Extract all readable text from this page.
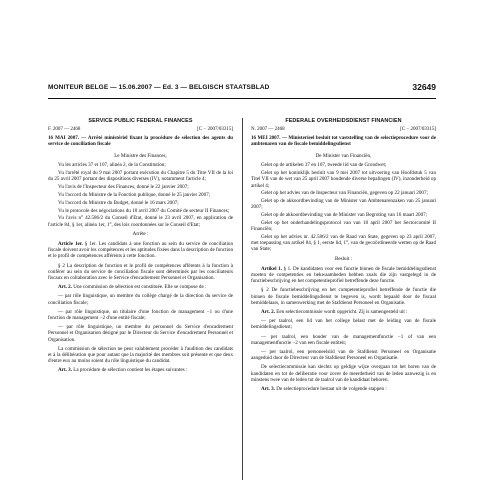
MONITEUR BELGE — 15.06.2007 — Ed. 3 — BELGISCH STAATSBLAD	32649
SERVICE PUBLIC FEDERAL FINANCES
F. 2007 — 2468	[C − 2007/03315]
16 MAI 2007. — Arrêté ministériel fixant la procédure de sélection des agents du service de conciliation fiscale
Le Ministre des Finances,

Vu les articles 37 et 107, alinéa 2, de la Constitution;

Vu l'arrêté royal du 9 mai 2007 portant exécution du Chapitre 5 du Titre VII de la loi du 25 avril 2007 portant des dispositions diverses (IV), notamment l'article 4;

Vu l'avis de l'Inspecteur des Finances, donné le 22 janvier 2007;

Vu l'accord du Ministre de la Fonction publique, donné le 25 janvier 2007;

Vu l'accord du Ministre du Budget, donné le 16 mars 2007;

Vu le protocole des négociations du 18 avril 2007 du Comité de secteur II Finances;

Vu l'avis n° 42.586/2 du Conseil d'Etat, donné le 23 avril 2007, en application de l'article 84, § 1er, alinéa 1er, 1°, des lois coordonnées sur le Conseil d'Etat;

Arrête :

Article 1er. § 1er. Les candidats à une fonction au sein du service de conciliation fiscale doivent avoir les compétences et les aptitudes fixées dans la description de fonction et le profil de compétences afférents à cette fonction.

§ 2 La description de fonction et le profil de compétences afférents à la fonction à conférer au sein du service de conciliation fiscale sont déterminés par les conciliateurs fiscaux en collaboration avec le Service d'encadrement Personnel et Organisation.

Art. 2. Une commission de sélection est constituée. Elle se compose de :

— par rôle linguistique, un membre du collège chargé de la direction du service de conciliation fiscale;

— par rôle linguistique, un titulaire d'une fonction de management −1 ou d'une fonction de management −2 d'une entité fiscale;

— par rôle linguistique, un membre du personnel du Service d'encadrement Personnel et Organisation désigné par le Directeur du Service d'encadrement Personnel et Organisation.

La commission de sélection ne peut valablement procéder à l'audition des candidats et à la délibération que pour autant que la majorité des membres soit présente et que deux d'entre eux au moins soient du rôle linguistique du candidat.

Art. 3. La procédure de sélection contient les étapes suivantes :

FEDERALE OVERHEIDSDIENST FINANCIEN
N. 2007 — 2468	[C − 2007/03315]
16 MEI 2007. — Ministerieel besluit tot vaststelling van de selectieprocedure voor de ambtenaren van de fiscale bemiddelingsdienst
De Minister van Financiën,

Gelet op de artikelen 37 en 107, tweede lid van de Grondwet;

Gelet op het koninklijk besluit van 9 mei 2007 tot uitvoering van Hoofdstuk 5 van Titel VII van de wet van 25 april 2007 houdende diverse bepalingen (IV), inzonderheid op artikel 4;

Gelet op het advies van de Inspecteur van Financiën, gegeven op 22 januari 2007;

Gelet op de akkoordbevinding van de Minister van Ambtenarenzaken van 25 januari 2007;

Gelet op de akkoordbevinding van de Minister van Begroting van 16 maart 2007;

Gelet op het onderhandelingsprotocol van van 18 april 2007 het Sectorcomité II Financiën;

Gelet op het advies nr. 42.586/2 van de Raad van State, gegeven op 23 april 2007, met toepassing van artikel 84, § 1, eerste lid, 1°, van de gecoördineerde wetten op de Raad van State;

Besluit :

Artikel 1. § 1. De kandidaten voor een functie binnen de fiscale bemiddelingsdienst moeten de competenties en bekwaamheden hebben zoals die zijn vastgelegd in de functiebeschrijving en het competentieprofiel betreffende deze functie.

§ 2 De functiebeschrijving en het competentieprofiel betreffende de functie die binnen de fiscale bemiddelingsdienst te begeven is, wordt bepaald door de fiscaal bemiddelaars, in samenwerking met de Stafdienst Personeel en Organisatie.

Art. 2. Een selectiecommissie wordt opgericht. Zij is samengesteld uit :

— per taalrol, een lid van het college belast met de leiding van de fiscale bemiddelingsdienst;

— per taalrol, een houder van de managementfunctie −1 of van een managementfunctie −2 van een fiscale entiteit;

— per taalrol, een personeelslid van de Stafdienst Personeel en Organisatie aangeduid door de Directeur van de Stafdienst Personeel en Organisatie.

De selectiecommissie kan slechts op geldige wijze overgaan tot het horen van de kandidaten en tot de deliberatie voor zover de meerderheid van de leden aanwezig is en minstens twee van de leden tot de taalrol van de kandidaat behoren.

Art. 3. De selectieprocedure bestaat uit de volgende stappen :
